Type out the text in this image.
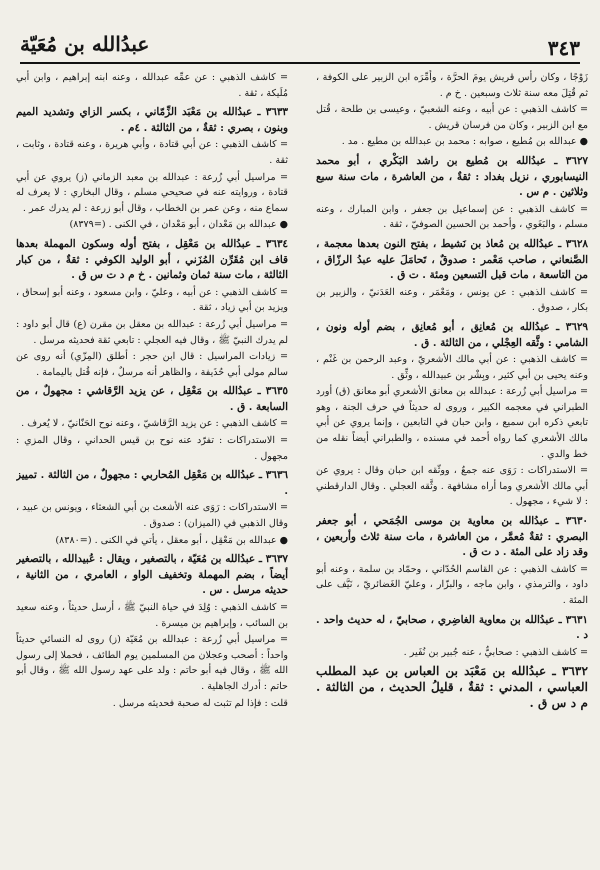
٣٤٣
عبدُالله بن مُعَيّة

زَوْجًا ، وكان رأس قريش يومَ الحرَّة ، وأُمِّرَه ابن الزبير على الكوفة ، ثم قُتِلَ معه سنة ثلاث وسبعين . خ م .

= كاشف الذهبي : عن أبيه ، وعنه الشعبيّ ، وعيسى بن طلحة ، قُتل مع ابن الزبير ، وكان من فرسان قريش .

● عبدالله بن مُطيع ، صوابه : محمد بن عبدالله بن مطيع . مد .

٣٦٢٧ ـ عبدُالله بن مُطيع بن راشد البَكْري ، أبو محمد النيسابوري ، نزيل بغداد : ثقةٌ ، من العاشرة ، مات سنة سبع وثلاثين . م س .

= كاشف الذهبي : عن إسماعيل بن جعفر ، وابن المبارك ، وعنه مسلم ، والبَغَوي ، وأحمد بن الحسين الصوفيّ ، ثقة .

٣٦٢٨ ـ عبدُالله بن مُعاذ بن نَشيط ، بفتح النون بعدها معجمة ، الصَّنعاني ، صاحب مَعْمر : صدوقٌ ، تَحامَلَ عليه عبدُ الرزّاق ، من التاسعة ، مات قبل التسعين ومئة . ت ق .

= كاشف الذهبي : عن يونس ، ومَعْمَر ، وعنه العَدَنيّ ، والزبير بن بكار ، صدوق .

٣٦٢٩ ـ عبدُالله بن مُعانِق ، أبو مُعانِق ، بضم أوله ونون ، الشامي : وثَّقه العِجْلي ، من الثالثة . ق .

= كاشف الذهبي : عن أبي مالك الأشعريّ ، وعبد الرحمن بن غَنْم ، وعنه يحيى بن أبي كثير ، وبِشْر بن عبيدالله ، وثِّق .

= مراسيل أبي زُرعة : عبدالله بن معانق الأشعري أبو معانق (ق) أورد الطبراني في معجمه الكبير ، وروى له حديثاً في حرف الجنة ، وهو تابعي ذكره ابن سميع ، وابن حبان في التابعين ، وإنما يروي عن أبي مالك الأشعري كما رواه أحمد في مسنده ، والطبراني أيضاً نقله من خط والدي .

= الاستدراكات : رَوَى عنه جمعٌ ، ووثّقه ابن حبان وقال : يروي عن أبي مالك الأشعري وما أراه مشافهة . وثَّقه العجلي . وقال الدارقطني : لا شيء ، مجهول .

٣٦٣٠ ـ عبدُالله بن معاوية بن موسى الجُمَحي ، أبو جعفر البصري : ثقةٌ مُعمَّر ، من العاشرة ، مات سنة ثلاث وأربعين ، وقد زاد على المئة . د ت ق .

= كاشف الذهبي : عن القاسم الحُدّاني ، وحمّاد بن سلمة ، وعنه أبو داود ، والترمذي ، وابن ماجه ، والبزّار ، وعليّ الغَضائريّ ، نَيَّف على المئة .

٣٦٣١ ـ عبدُالله بن معاوية الغاضِري ، صحابيّ ، له حديث واحد . د .

= كاشف الذهبي : صحابيٌّ ، عنه جُبير بن نُفَير .

٣٦٣٢ ـ عبدُالله بن مَعْبَد بن العباس بن عبد المطلب العباسي ، المدني : ثقةٌ ، قليلُ الحديث ، من الثالثة . م د س ق .

= كاشف الذهبي : عن عمِّه عبدالله ، وعنه ابنه إبراهيم ، وابن أبي مُلَيكة ، ثقة .

٣٦٣٣ ـ عبدُالله بن مَعْبَد الزِّمّاني ، بكسر الزاي وتشديد الميم وبنون ، بصري : ثقةٌ ، من الثالثة . ٤م .

= كاشف الذهبي : عن أبي قتادة ، وأبي هريرة ، وعنه قتادة ، وثابت ، ثقة .

= مراسيل أبي زُرعة : عبدالله بن معبد الزماني (ز) يروي عن أبي قتادة ، وروايته عنه في صحيحي مسلم ، وقال البخاري : لا يعرف له سماع منه ، وعن عمر بن الخطاب ، وقال أبو زرعة : لم يدرك عمر .

● عبدالله بن مَعْدان ، أبو مَعْدان ، في الكنى . (=٨٣٧٩)

٣٦٣٤ ـ عبدُالله بن مَعْقِل ، بفتح أوله وسكون المهملة بعدها قاف ابن مُقَرِّن المُزَني ، أبو الوليد الكوفي : ثقةٌ ، من كبار الثالثة ، مات سنة ثمان وثمانين . خ م د ت س ق .

= كاشف الذهبي : عن أبيه ، وعليّ ، وابن مسعود ، وعنه أبو إسحاق ، ويزيد بن أبي زياد ، ثقة .

= مراسيل أبي زُرعة : عبدالله بن معقل بن مقرن (ع) قال أبو داود : لم يدرك النبيّ ﷺ ، وقال فيه العجلي : تابعي ثقة فحديثه مرسل .

= زيادات المراسيل : قال ابن حجر : أطلق (المِزّي) أنه روى عن سالم مولى أبي حُذَيفة ، والظاهر أنه مرسلٌ ، فإنه قُتل باليمامة .

٣٦٣٥ ـ عبدُالله بن مَعْقِل ، عن يزيد الرَّقاشي : مجهولٌ ، من السابعة . ق .

= كاشف الذهبي : عن يزيد الرَّقاشيّ ، وعنه نوح الحَنّانيّ ، لا يُعرف .

= الاستدراكات : تفرّد عنه نوح بن قيس الحداني ، وقال المزي : مجهول .

٣٦٣٦ ـ عبدُالله بن مَعْقِل المُحاربي : مجهولٌ ، من الثالثة . تمييز .

= الاستدراكات : رَوَى عنه الأشعث بن أبي الشعثاء ، ويونس بن عبيد ، وقال الذهبي في (الميزان) : صدوق .

● عبدالله بن مَعْقِل ، أبو معقل ، يأتي في الكنى . (=٨٣٨٠)

٣٦٣٧ ـ عبدُالله بن مُعَيّة ، بالتصغير ، ويقال : عُبيدالله ، بالتصغير أيضاً ، بضم المهملة وتخفيف الواو ، العامري ، من الثانية ، حديثه مرسل . س .

= كاشف الذهبي : وُلِدَ في حياة النبيّ ﷺ ، أرسل حديثاً ، وعنه سعيد بن السائب ، وإبراهيم بن ميسرة .

= مراسيل أبي زُرعة : عبدالله بن مُعَيّة (ز) روى له النسائي حديثاً واحداً : أصحب وعجلان من المسلمين يوم الطائف ، فحملا إلى رسول الله ﷺ ، وقال فيه أبو حاتم : ولد على عهد رسول الله ﷺ ، وقال أبو حاتم : أدرك الجاهلية .

قلت : فإذا لم تثبت له صحبة فحديثه مرسل .
